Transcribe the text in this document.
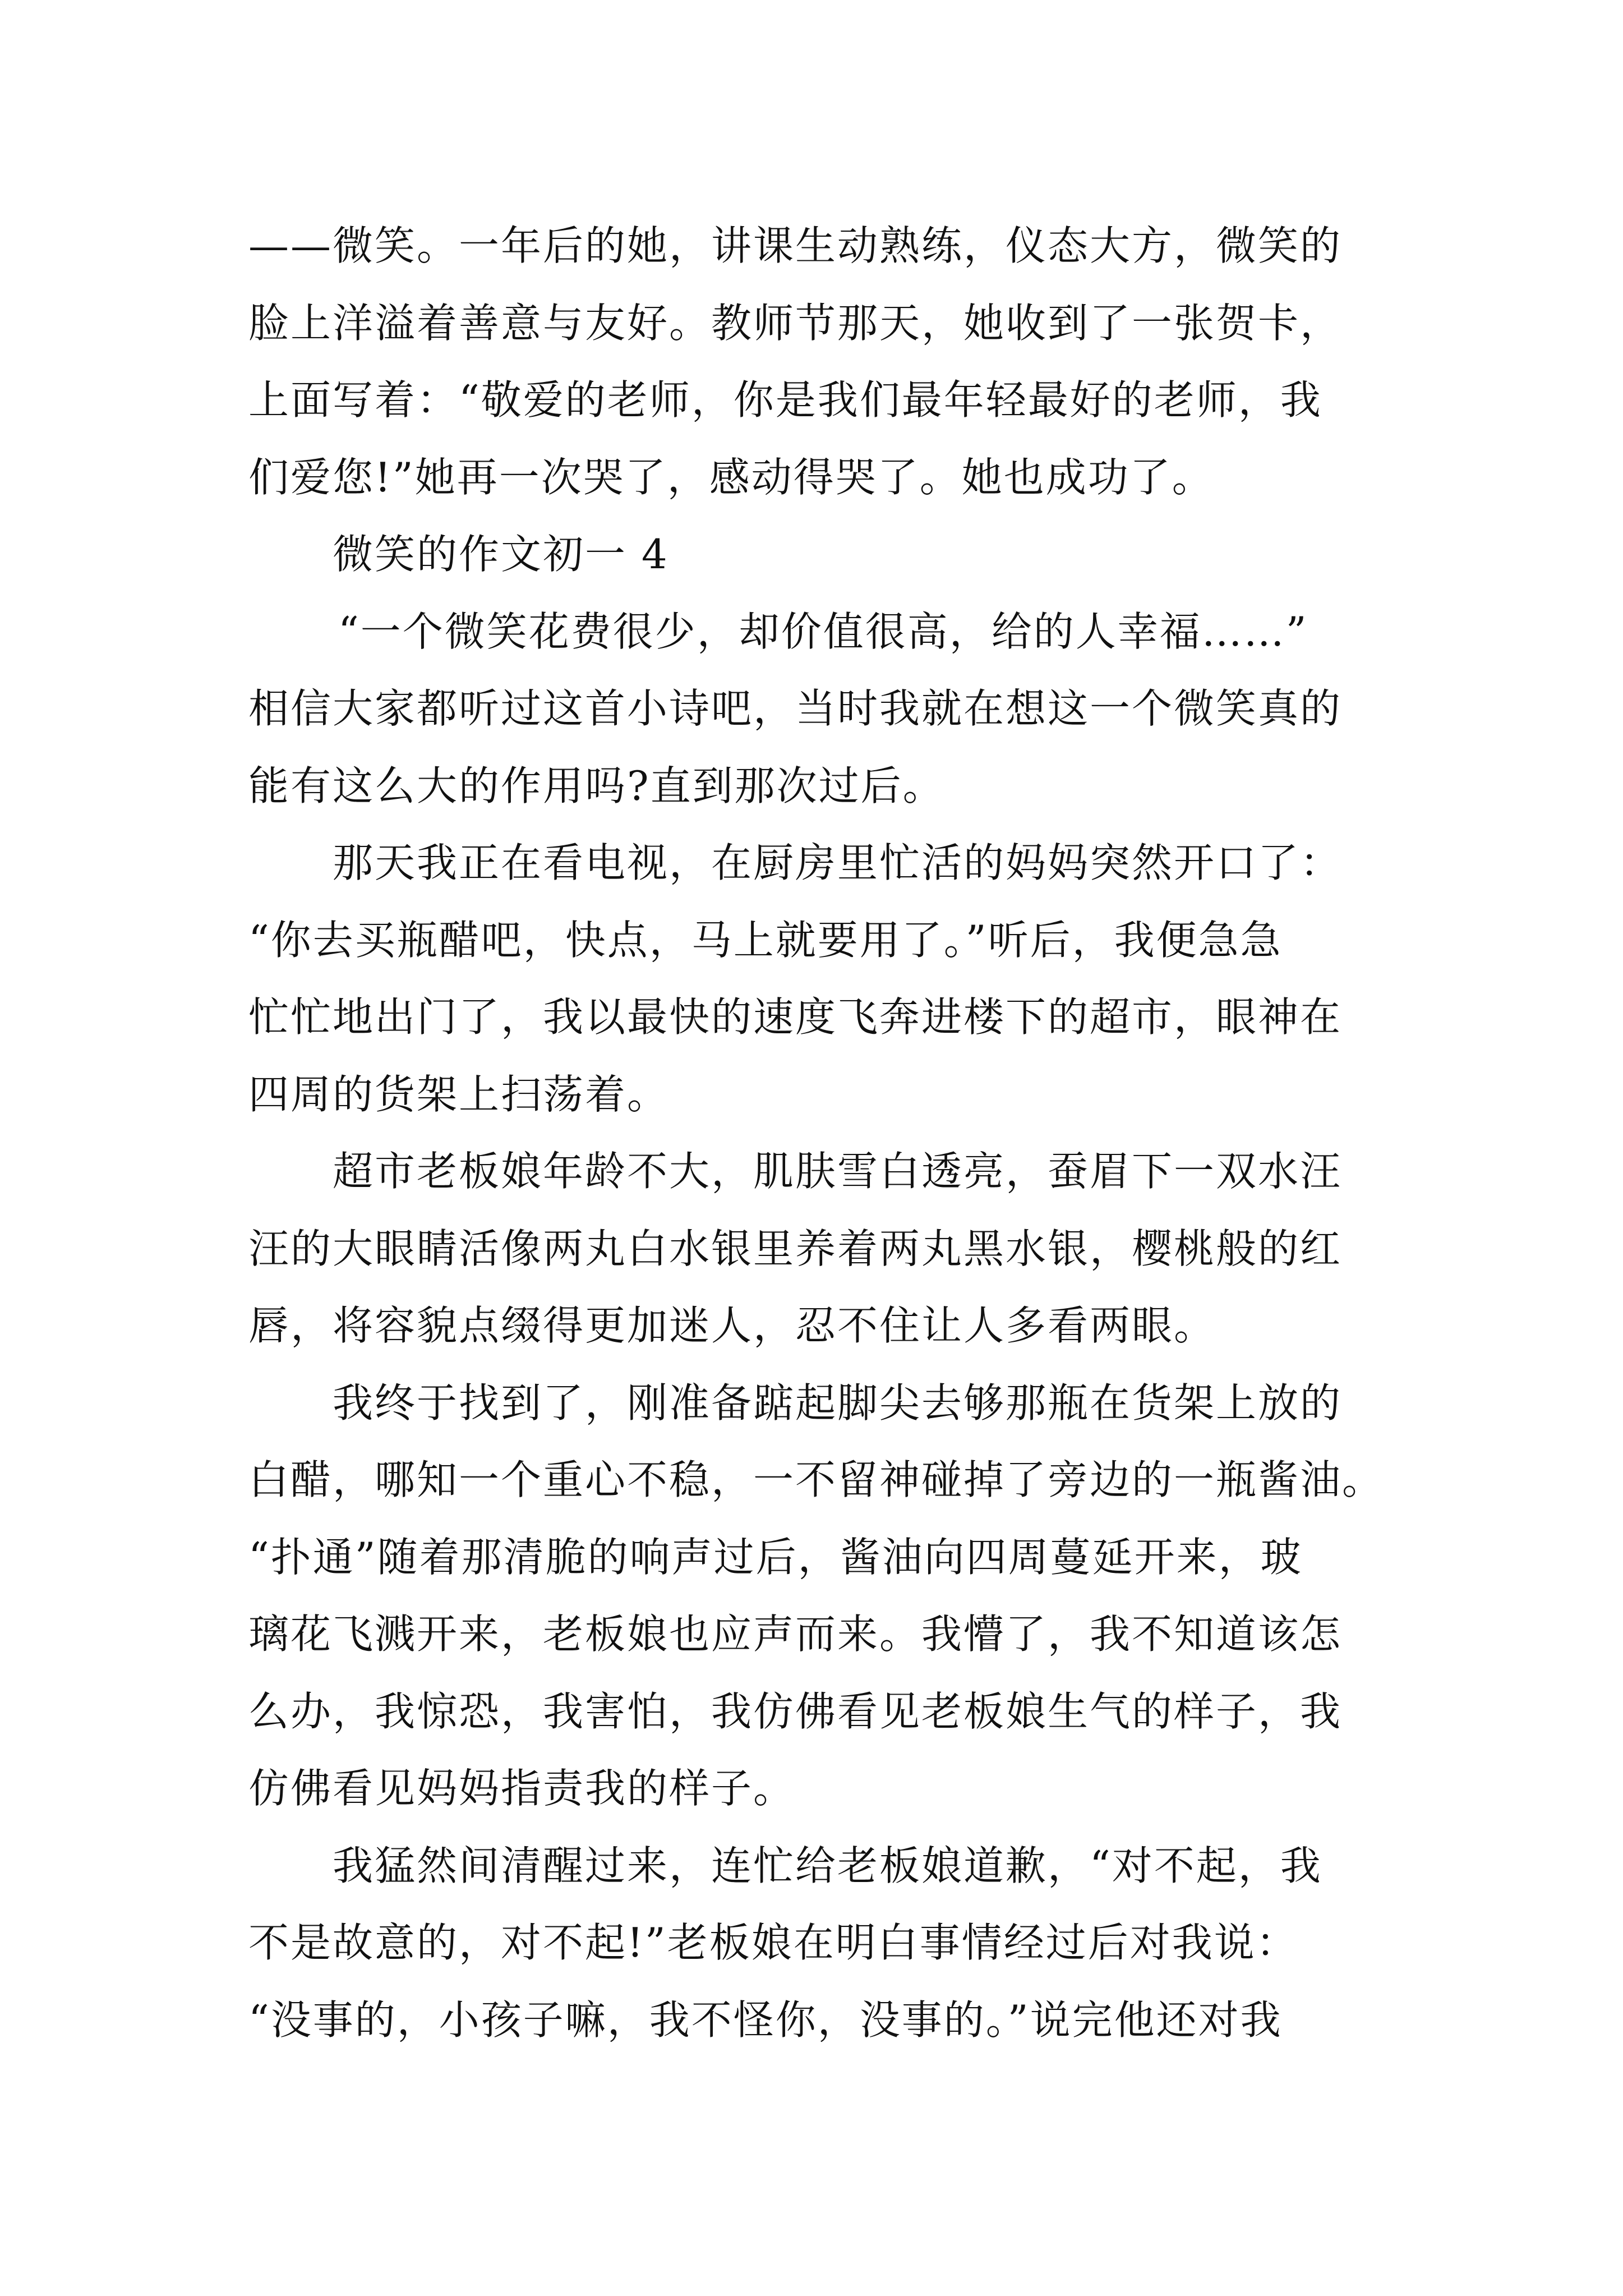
——微笑。一年后的她，讲课生动熟练，仪态大方，微笑的
脸上洋溢着善意与友好。教师节那天，她收到了一张贺卡，
上面写着：“敬爱的老师，你是我们最年轻最好的老师，我
们爱您!”她再一次哭了，感动得哭了。她也成功了。
微笑的作文初一 4
“一个微笑花费很少，却价值很高，给的人幸福……”
相信大家都听过这首小诗吧，当时我就在想这一个微笑真的
能有这么大的作用吗?直到那次过后。
那天我正在看电视，在厨房里忙活的妈妈突然开口了：
“你去买瓶醋吧，快点，马上就要用了。”听后，我便急急
忙忙地出门了，我以最快的速度飞奔进楼下的超市，眼神在
四周的货架上扫荡着。
超市老板娘年龄不大，肌肤雪白透亮，蚕眉下一双水汪
汪的大眼睛活像两丸白水银里养着两丸黑水银，樱桃般的红
唇，将容貌点缀得更加迷人，忍不住让人多看两眼。
我终于找到了，刚准备踮起脚尖去够那瓶在货架上放的
白醋，哪知一个重心不稳，一不留神碰掉了旁边的一瓶酱油。
“扑通”随着那清脆的响声过后，酱油向四周蔓延开来，玻
璃花飞溅开来，老板娘也应声而来。我懵了，我不知道该怎
么办，我惊恐，我害怕，我仿佛看见老板娘生气的样子，我
仿佛看见妈妈指责我的样子。
我猛然间清醒过来，连忙给老板娘道歉，“对不起，我
不是故意的，对不起!”老板娘在明白事情经过后对我说：
“没事的，小孩子嘛，我不怪你，没事的。”说完他还对我
